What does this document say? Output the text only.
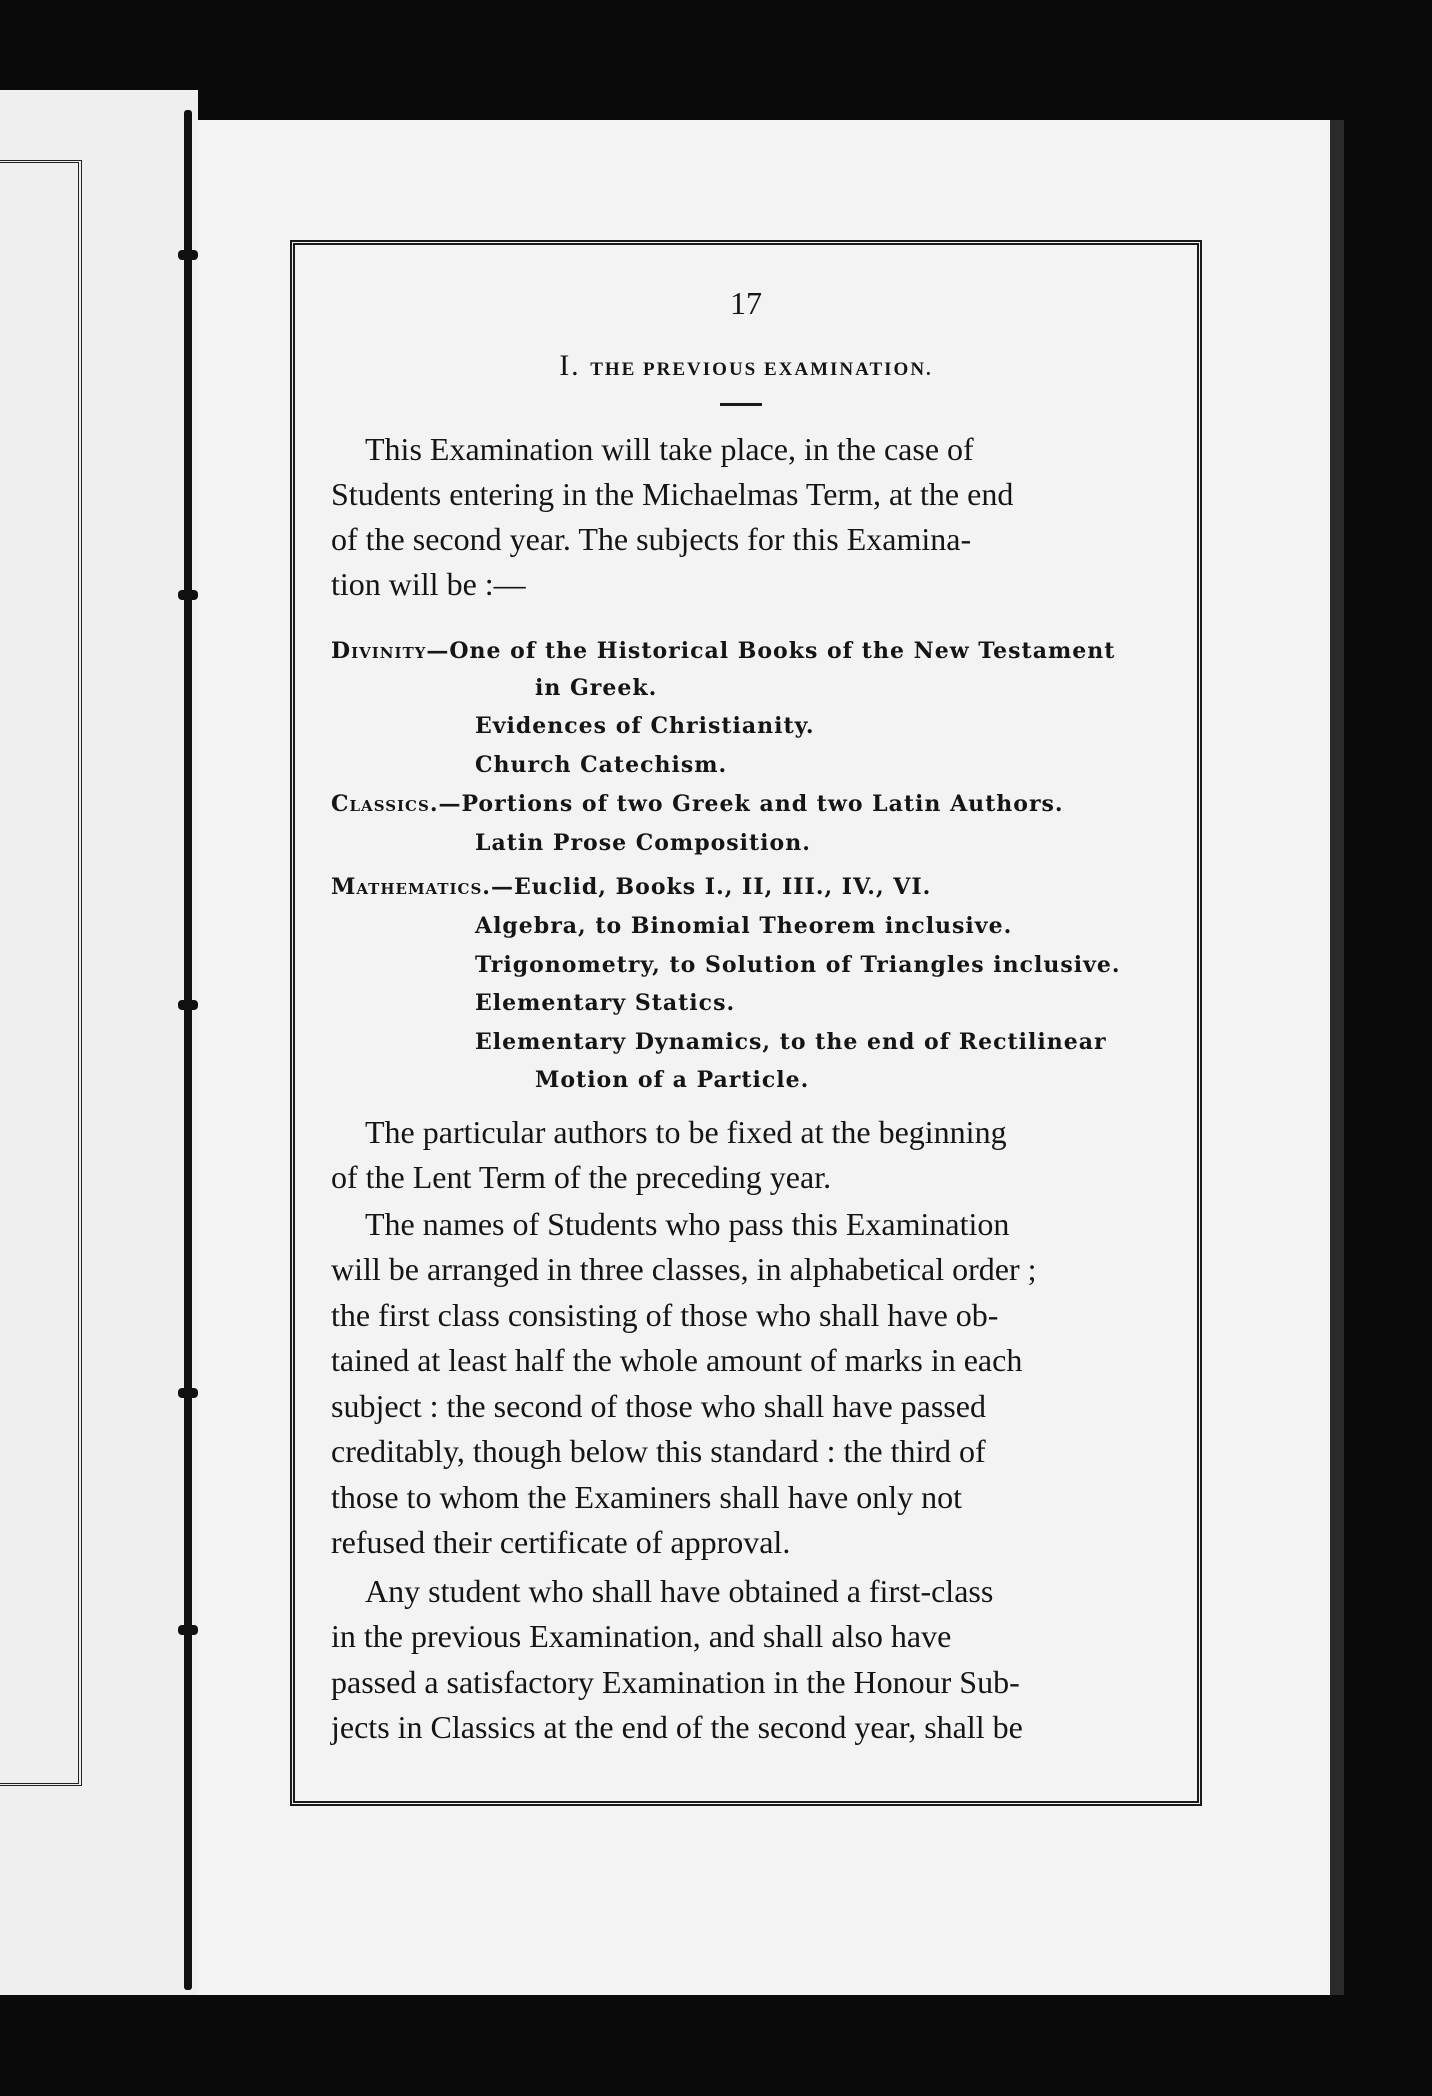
17
I. THE PREVIOUS EXAMINATION.
This Examination will take place, in the case of
Students entering in the Michaelmas Term, at the end
of the second year. The subjects for this Examina-
tion will be :—
Divinity—One of the Historical Books of the New Testament
in Greek.
Evidences of Christianity.
Church Catechism.
Classics.—Portions of two Greek and two Latin Authors.
Latin Prose Composition.
Mathematics.—Euclid, Books I., II, III., IV., VI.
Algebra, to Binomial Theorem inclusive.
Trigonometry, to Solution of Triangles inclusive.
Elementary Statics.
Elementary Dynamics, to the end of Rectilinear
Motion of a Particle.
The particular authors to be fixed at the beginning
of the Lent Term of the preceding year.
The names of Students who pass this Examination
will be arranged in three classes, in alphabetical order ;
the first class consisting of those who shall have ob-
tained at least half the whole amount of marks in each
subject : the second of those who shall have passed
creditably, though below this standard : the third of
those to whom the Examiners shall have only not
refused their certificate of approval.
Any student who shall have obtained a first-class
in the previous Examination, and shall also have
passed a satisfactory Examination in the Honour Sub-
jects in Classics at the end of the second year, shall be
